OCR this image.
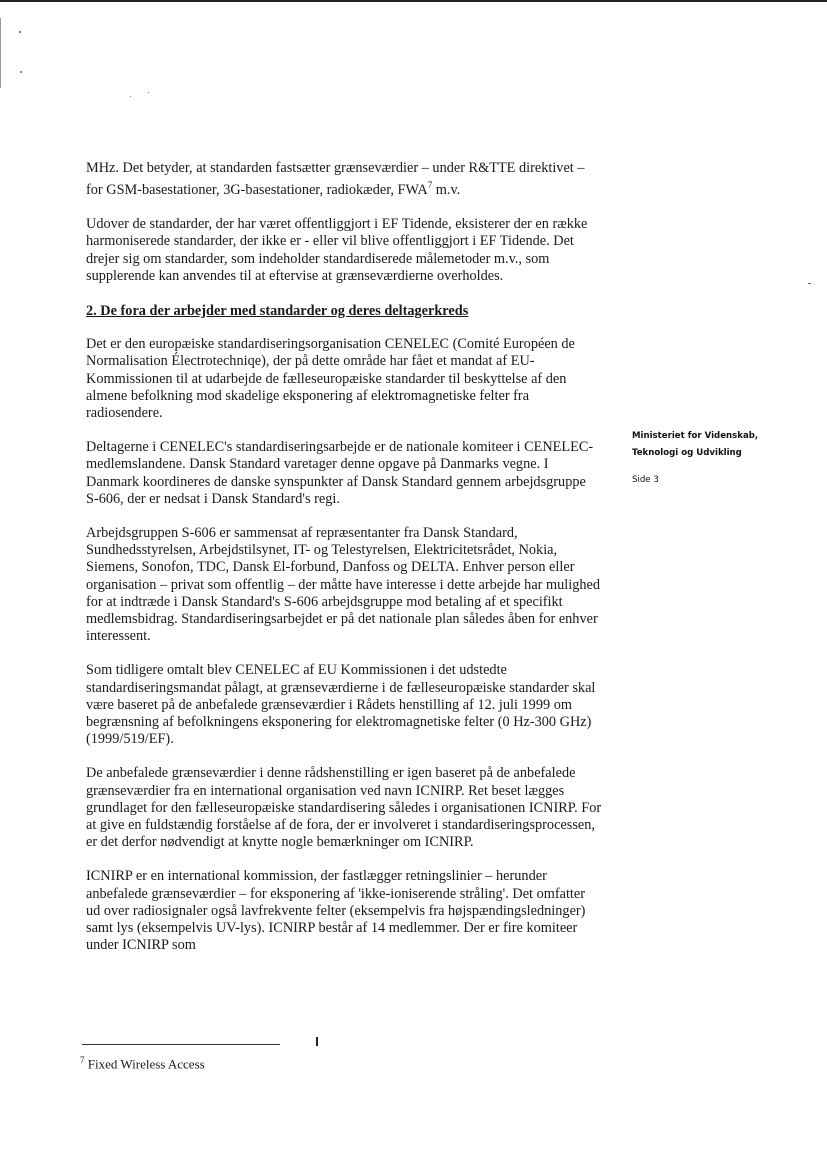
MHz. Det betyder, at standarden fastsætter grænseværdier – under R&TTE direktivet – for GSM-basestationer, 3G-basestationer, radiokæder, FWA$^7$ m.v.

Udover de standarder, der har været offentliggjort i EF Tidende, eksisterer der en række harmoniserede standarder, der ikke er - eller vil blive offentliggjort i EF Tidende. Det drejer sig om standarder, som indeholder standardiserede målemetoder m.v., som supplerende kan anvendes til at eftervise at grænseværdierne overholdes.

2. De fora der arbejder med standarder og deres deltagerkreds

Det er den europæiske standardiseringsorganisation CENELEC (Comité Européen de Normalisation Électrotechniqe), der på dette område har fået et mandat af EU-Kommissionen til at udarbejde de fælleseuropæiske standarder til beskyttelse af den almene befolkning mod skadelige eksponering af elektromagnetiske felter fra radiosendere.

Deltagerne i CENELEC's standardiseringsarbejde er de nationale komiteer i CENELEC-medlemslandene. Dansk Standard varetager denne opgave på Danmarks vegne. I Danmark koordineres de danske synspunkter af Dansk Standard gennem arbejdsgruppe S-606, der er nedsat i Dansk Standard's regi.

Arbejdsgruppen S-606 er sammensat af repræsentanter fra Dansk Standard, Sundhedsstyrelsen, Arbejdstilsynet, IT- og Telestyrelsen, Elektricitetsrådet, Nokia, Siemens, Sonofon, TDC, Dansk El-forbund, Danfoss og DELTA. Enhver person eller organisation – privat som offentlig – der måtte have interesse i dette arbejde har mulighed for at indtræde i Dansk Standard's S-606 arbejdsgruppe mod betaling af et specifikt medlemsbidrag. Standardiseringsarbejdet er på det nationale plan således åben for enhver interessent.

Som tidligere omtalt blev CENELEC af EU Kommissionen i det udstedte standardiseringsmandat pålagt, at grænseværdierne i de fælleseuropæiske standarder skal være baseret på de anbefalede grænseværdier i Rådets henstilling af 12. juli 1999 om begrænsning af befolkningens eksponering for elektromagnetiske felter (0 Hz-300 GHz) (1999/519/EF).

De anbefalede grænseværdier i denne rådshenstilling er igen baseret på de anbefalede grænseværdier fra en international organisation ved navn ICNIRP. Ret beset lægges grundlaget for den fælleseuropæiske standardisering således i organisationen ICNIRP. For at give en fuldstændig forståelse af de fora, der er involveret i standardiseringsprocessen, er det derfor nødvendigt at knytte nogle bemærkninger om ICNIRP.

ICNIRP er en international kommission, der fastlægger retningslinier – herunder anbefalede grænseværdier – for eksponering af 'ikke-ioniserende stråling'. Det omfatter ud over radiosignaler også lavfrekvente felter (eksempelvis fra højspændingsledninger) samt lys (eksempelvis UV-lys). ICNIRP består af 14 medlemmer. Der er fire komiteer under ICNIRP som

Ministeriet for Videnskab,
Teknologi og Udvikling
Side 3
$^7$ Fixed Wireless Access
